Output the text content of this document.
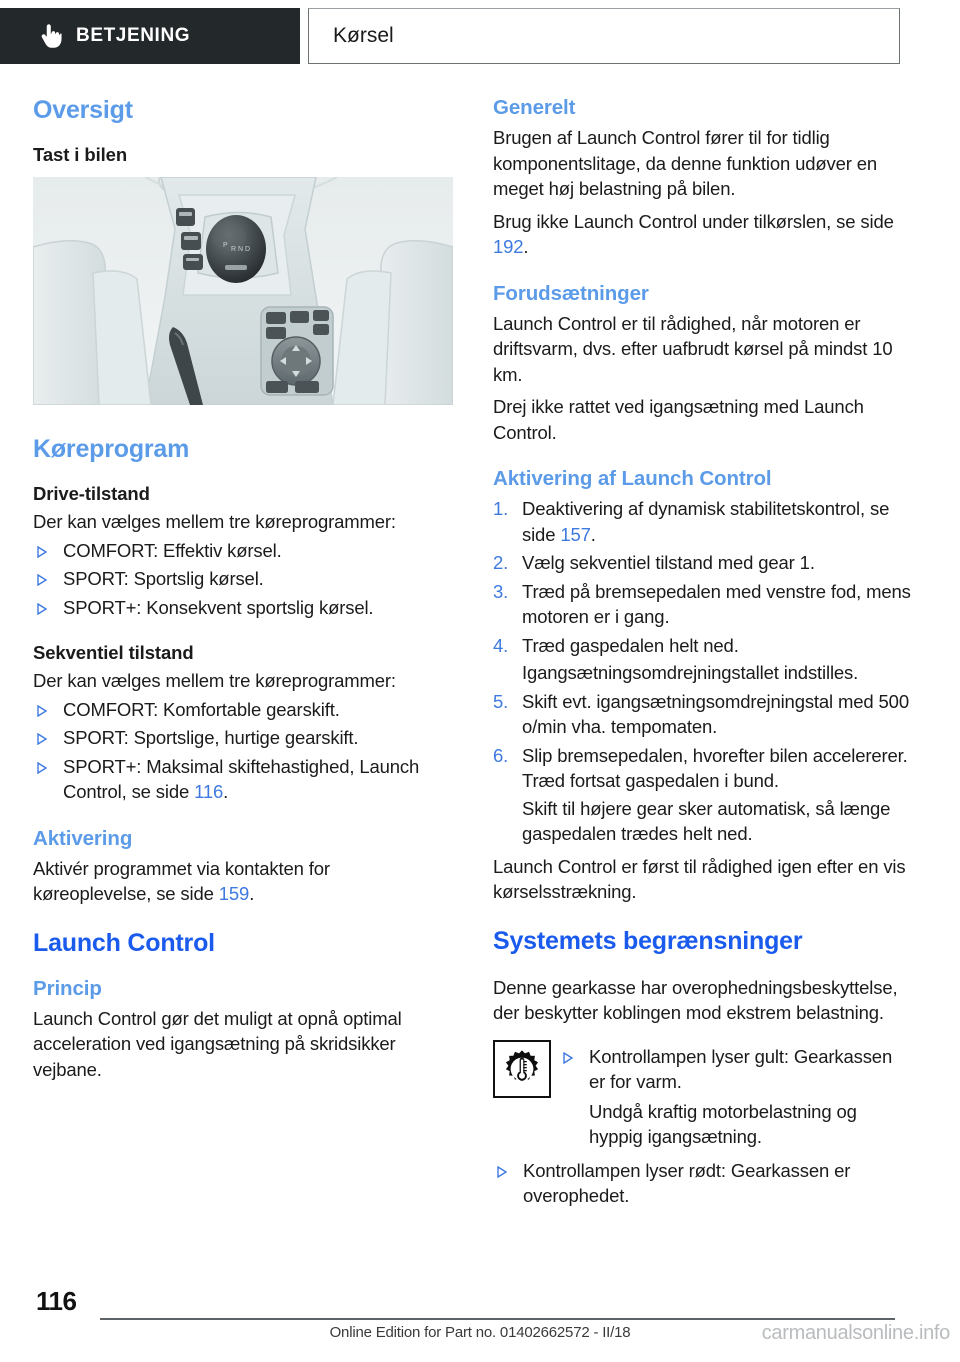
BETJENING	Kørsel
Oversigt
Tast i bilen
P
R N D
Køreprogram
Drive-tilstand

Der kan vælges mellem tre køreprogrammer:

COMFORT: Effektiv kørsel.
SPORT: Sportslig kørsel.
SPORT+: Konsekvent sportslig kørsel.
Sekventiel tilstand

Der kan vælges mellem tre køreprogrammer:

COMFORT: Komfortable gearskift.
SPORT: Sportslige, hurtige gearskift.
SPORT+: Maksimal skiftehastighed, Launch Control, se side 116.
Aktivering

Aktivér programmet via kontakten for køreoplevelse, se side 159.

Launch Control
Princip

Launch Control gør det muligt at opnå optimal acceleration ved igangsætning på skridsikker vejbane.

Generelt

Brugen af Launch Control fører til for tidlig komponentslitage, da denne funktion udøver en meget høj belastning på bilen.

Brug ikke Launch Control under tilkørslen, se side 192.

Forudsætninger

Launch Control er til rådighed, når motoren er driftsvarm, dvs. efter uafbrudt kørsel på mindst 10 km.

Drej ikke rattet ved igangsætning med Launch Control.

Aktivering af Launch Control
1. Deaktivering af dynamisk stabilitetskontrol, se side 157.
2. Vælg sekventiel tilstand med gear 1.
3. Træd på bremsepedalen med venstre fod, mens motoren er i gang.
4. Træd gaspedalen helt ned.
Igangsætningsomdrejningstallet indstilles.
5. Skift evt. igangsætningsomdrejningstal med 500 o/min vha. tempomaten.
6. Slip bremsepedalen, hvorefter bilen accelererer. Træd fortsat gaspedalen i bund.
Skift til højere gear sker automatisk, så længe gaspedalen trædes helt ned.

Launch Control er først til rådighed igen efter en vis kørselsstrækning.

Systemets begrænsninger

Denne gearkasse har overophedningsbeskyttelse, der beskytter koblingen mod ekstrem belastning.

Kontrollampen lyser gult: Gearkassen er for varm.
Undgå kraftig motorbelastning og hyppig igangsætning.
Kontrollampen lyser rødt: Gearkassen er overophedet.
116
Online Edition for Part no. 01402662572 - II/18	carmanualsonline.info
